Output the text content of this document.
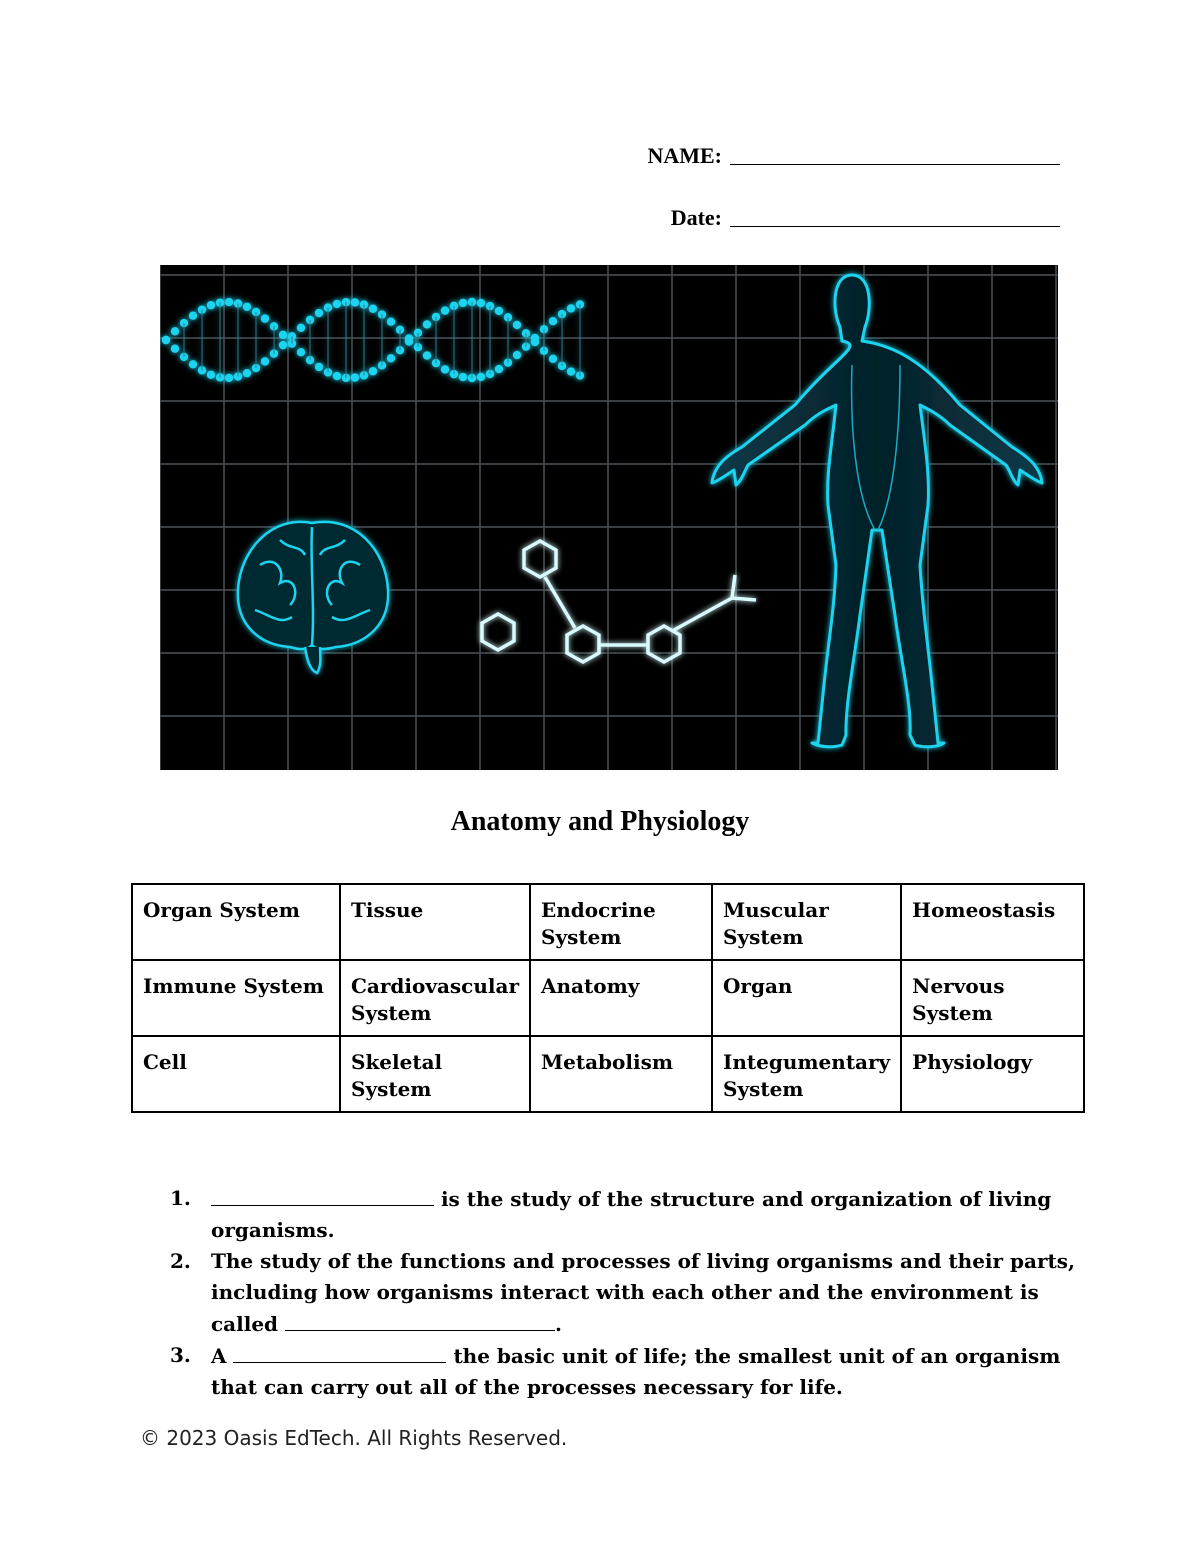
NAME:
Date:
Anatomy and Physiology
Organ System	Tissue	Endocrine System	Muscular System	Homeostasis
Immune System	Cardiovascular System	Anatomy	Organ	Nervous System
Cell	Skeletal System	Metabolism	Integumentary System	Physiology
1.	is the study of the structure and organization of living organisms.
2. The study of the functions and processes of living organisms and their parts, including how organisms interact with each other and the environment is called	.
3. A	the basic unit of life; the smallest unit of an organism that can carry out all of the processes necessary for life.
© 2023 Oasis EdTech. All Rights Reserved.
